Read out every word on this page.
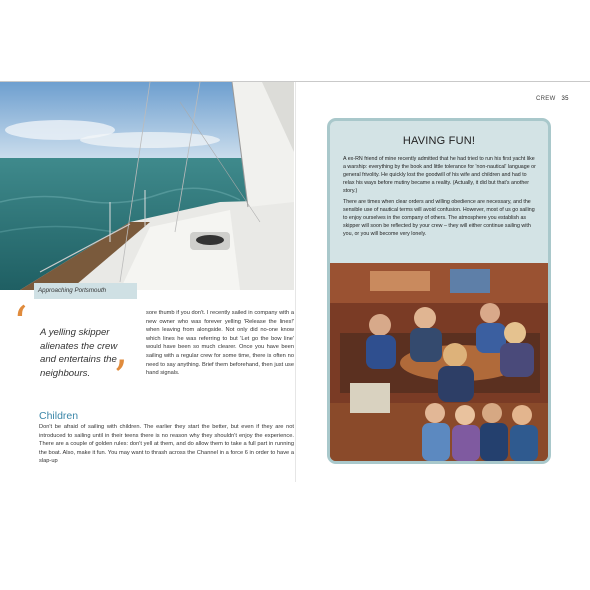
Approaching Portsmouth
‘ A yelling skipper alienates the crew and entertains the neighbours. ’
sore thumb if you don't. I recently sailed in company with a new owner who was forever yelling 'Release the lines!' when leaving from alongside. Not only did no-one know which lines he was referring to but 'Let go the bow line' would have been so much clearer. Once you have been sailing with a regular crew for some time, there is often no need to say anything. Brief them beforehand, then just use hand signals.
Children
Don't be afraid of sailing with children. The earlier they start the better, but even if they are not introduced to sailing until in their teens there is no reason why they shouldn't enjoy the experience. There are a couple of golden rules: don't yell at them, and do allow them to take a full part in running the boat. Also, make it fun. You may want to thrash across the Channel in a force 6 in order to have a slap-up
CREW 35
HAVING FUN!

A ex-RN friend of mine recently admitted that he had tried to run his first yacht like a warship: everything by the book and little tolerance for 'non-nautical' language or general frivolity. He quickly lost the goodwill of his wife and children and had to relax his ways before mutiny became a reality. (Actually, it did but that's another story.)

There are times when clear orders and willing obedience are necessary, and the sensible use of nautical terms will avoid confusion. However, most of us go sailing to enjoy ourselves in the company of others. The atmosphere you establish as skipper will soon be reflected by your crew – they will either continue sailing with you, or you will become very lonely.
